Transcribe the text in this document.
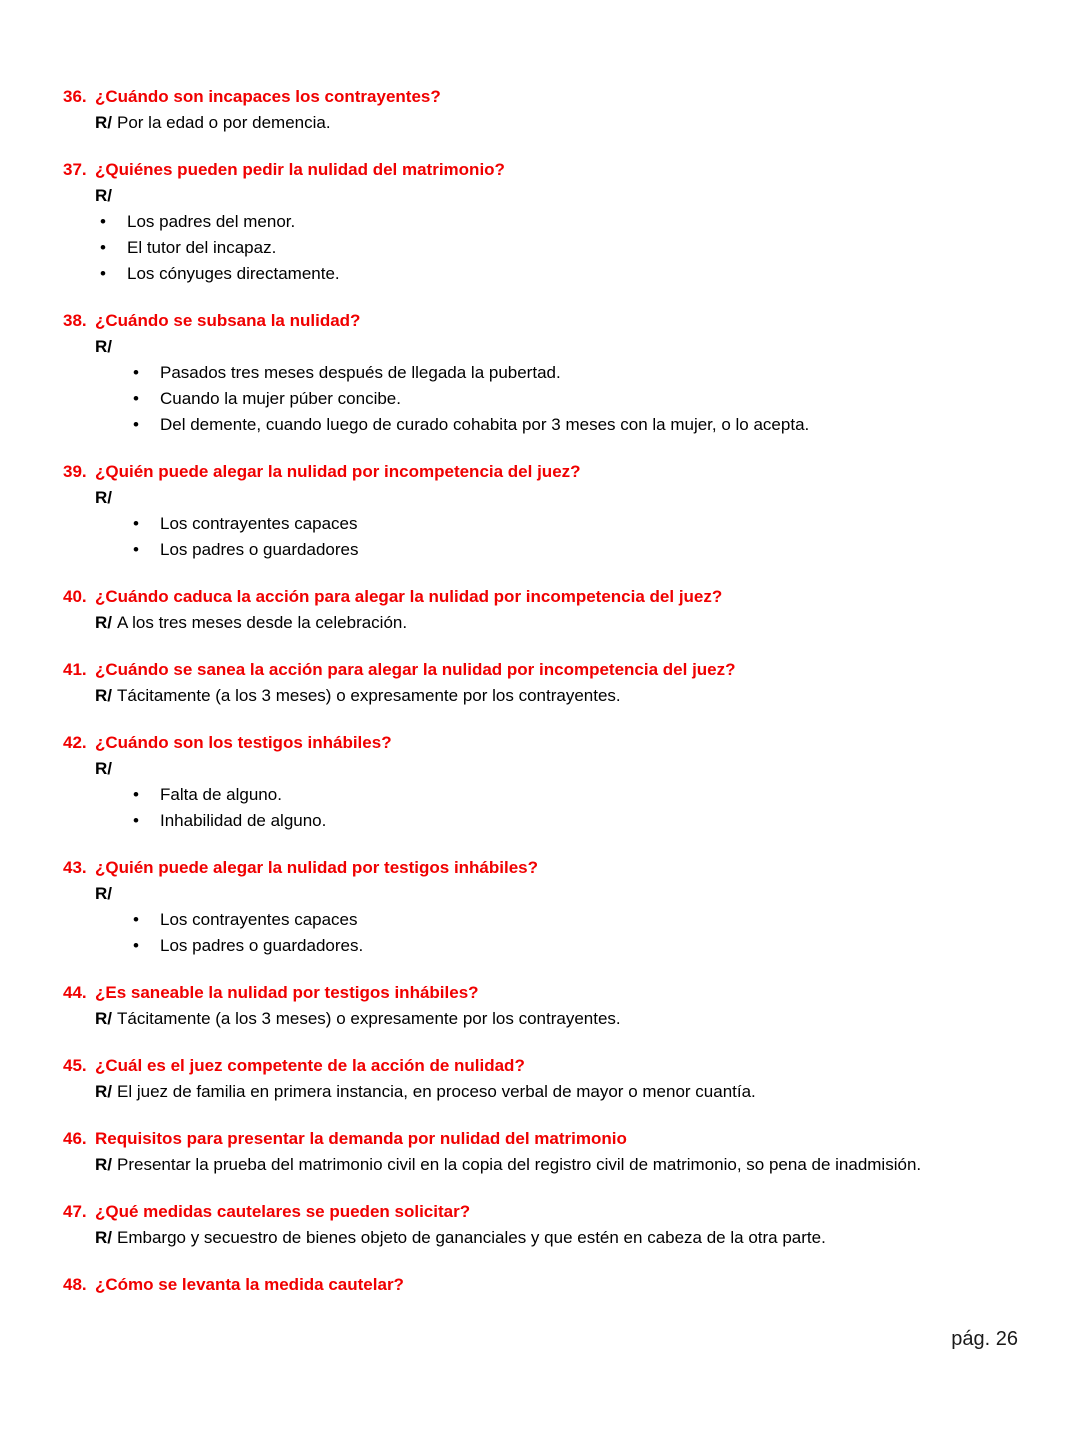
36. ¿Cuándo son incapaces los contrayentes?
R/ Por la edad o por demencia.
37. ¿Quiénes pueden pedir la nulidad del matrimonio?
R/
•	Los padres del menor.
•	El tutor del incapaz.
•	Los cónyuges directamente.
38. ¿Cuándo se subsana la nulidad?
R/
•	Pasados tres meses después de llegada la pubertad.
•	Cuando la mujer púber concibe.
•	Del demente, cuando luego de curado cohabita por 3 meses con la mujer, o lo acepta.
39. ¿Quién puede alegar la nulidad por incompetencia del juez?
R/
•	Los contrayentes capaces
•	Los padres o guardadores
40. ¿Cuándo caduca la acción para alegar la nulidad por incompetencia del juez?
R/ A los tres meses desde la celebración.
41. ¿Cuándo se sanea la acción para alegar la nulidad por incompetencia del juez?
R/ Tácitamente (a los 3 meses) o expresamente por los contrayentes.
42. ¿Cuándo son los testigos inhábiles?
R/
•	Falta de alguno.
•	Inhabilidad de alguno.
43. ¿Quién puede alegar la nulidad por testigos inhábiles?
R/
•	Los contrayentes capaces
•	Los padres o guardadores.
44. ¿Es saneable la nulidad por testigos inhábiles?
R/ Tácitamente (a los 3 meses) o expresamente por los contrayentes.
45. ¿Cuál es el juez competente de la acción de nulidad?
R/ El juez de familia en primera instancia, en proceso verbal de mayor o menor cuantía.
46. Requisitos para presentar la demanda por nulidad del matrimonio
R/ Presentar la prueba del matrimonio civil en la copia del registro civil de matrimonio, so pena de inadmisión.
47. ¿Qué medidas cautelares se pueden solicitar?
R/ Embargo y secuestro de bienes objeto de gananciales y que estén en cabeza de la otra parte.
48. ¿Cómo se levanta la medida cautelar?
pág. 26
